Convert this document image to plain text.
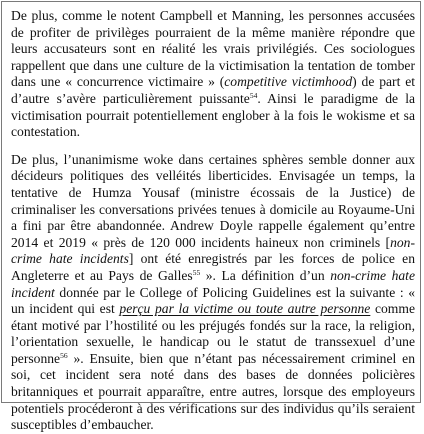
De plus, comme le notent Campbell et Manning, les personnes accusées de profiter de privilèges pourraient de la même manière répondre que leurs accusateurs sont en réalité les vrais privilégiés. Ces sociologues rappellent que dans une culture de la victimisation la tentation de tomber dans une « concurrence victimaire » (competitive victimhood) de part et d’autre s’avère particulièrement puissante$^{54}$. Ainsi le paradigme de la victimisation pourrait potentiellement englober à la fois le wokisme et sa contestation.

De plus, l’unanimisme woke dans certaines sphères semble donner aux décideurs politiques des velléités liberticides. Envisagée un temps, la tentative de Humza Yousaf (ministre écossais de la Justice) de criminaliser les conversations privées tenues à domicile au Royaume-Uni a fini par être abandonnée. Andrew Doyle rappelle également qu’entre 2014 et 2019 « près de 120 000 incidents haineux non criminels [non-crime hate incidents] ont été enregistrés par les forces de police en Angleterre et au Pays de Galles$^{55}$ ». La définition d’un non-crime hate incident donnée par le College of Policing Guidelines est la suivante : « un incident qui est perçu par la victime ou toute autre personne comme étant motivé par l’hostilité ou les préjugés fondés sur la race, la religion, l’orientation sexuelle, le handicap ou le statut de transsexuel d’une personne$^{56}$ ». Ensuite, bien que n’étant pas nécessairement criminel en soi, cet incident sera noté dans des bases de données policières britanniques et pourrait apparaître, entre autres, lorsque des employeurs potentiels procéderont à des vérifications sur des individus qu’ils seraient susceptibles d’embaucher.
